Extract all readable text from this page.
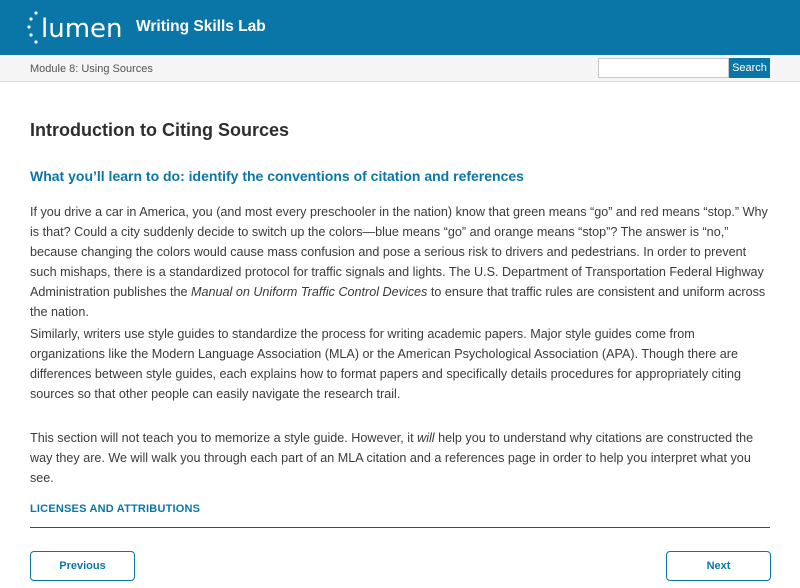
lumen Writing Skills Lab
Module 8: Using Sources	Search
Introduction to Citing Sources
What you’ll learn to do: identify the conventions of citation and references

If you drive a car in America, you (and most every preschooler in the nation) know that green means “go” and red means “stop.” Why is that? Could a city suddenly decide to switch up the colors—blue means “go” and orange means “stop”? The answer is “no,” because changing the colors would cause mass confusion and pose a serious risk to drivers and pedestrians. In order to prevent such mishaps, there is a standardized protocol for traffic signals and lights. The U.S. Department of Transportation Federal Highway Administration publishes the Manual on Uniform Traffic Control Devices to ensure that traffic rules are consistent and uniform across the nation.

Similarly, writers use style guides to standardize the process for writing academic papers. Major style guides come from organizations like the Modern Language Association (MLA) or the American Psychological Association (APA). Though there are differences between style guides, each explains how to format papers and specifically details procedures for appropriately citing sources so that other people can easily navigate the research trail.

This section will not teach you to memorize a style guide. However, it will help you to understand why citations are constructed the way they are. We will walk you through each part of an MLA citation and a references page in order to help you interpret what you see.

LICENSES AND ATTRIBUTIONS
Previous	Next
